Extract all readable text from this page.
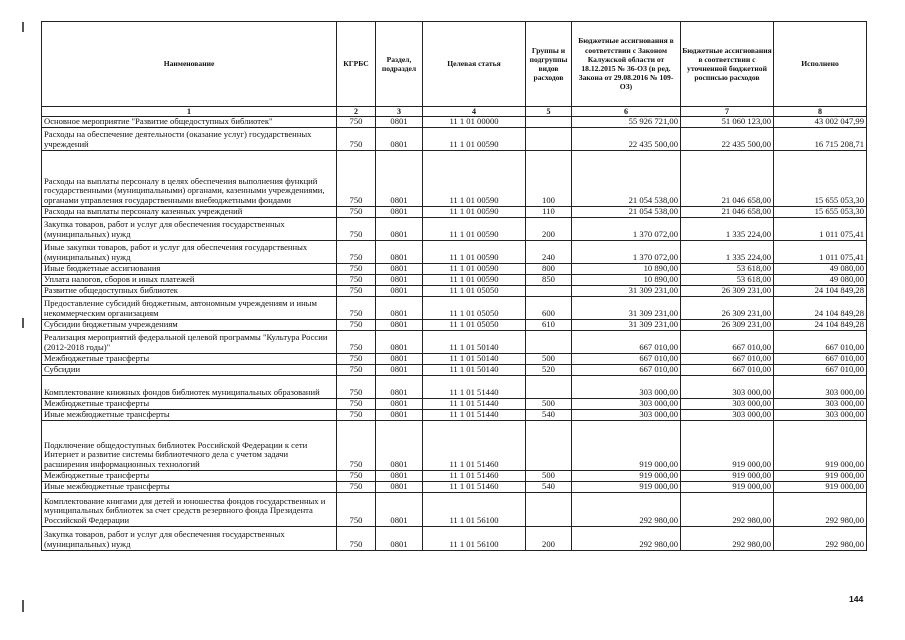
Наименование	КГРБС	Раздел, подраздел	Целевая статья	Группы и подгруппы видов расходов	Бюджетные ассигнования в соответствии с Законом Калужской области от 18.12.2015 № 36-ОЗ (в ред. Закона от 29.08.2016 № 109-ОЗ)	Бюджетные ассигнования в соответствии с уточненной бюджетной росписью расходов	Исполнено
1	2	3	4	5	6	7	8
Основное мероприятие "Развитие общедоступных библиотек"	750	0801	11 1 01 00000		55 926 721,00	51 060 123,00	43 002 047,99
Расходы на обеспечение деятельности (оказание услуг) государственных учреждений	750	0801	11 1 01 00590		22 435 500,00	22 435 500,00	16 715 208,71
Расходы на выплаты персоналу в целях обеспечения выполнения функций государственными (муниципальными) органами, казенными учреждениями, органами управления государственными внебюджетными фондами	750	0801	11 1 01 00590	100	21 054 538,00	21 046 658,00	15 655 053,30
Расходы на выплаты персоналу казенных учреждений	750	0801	11 1 01 00590	110	21 054 538,00	21 046 658,00	15 655 053,30
Закупка товаров, работ и услуг для обеспечения государственных (муниципальных) нужд	750	0801	11 1 01 00590	200	1 370 072,00	1 335 224,00	1 011 075,41
Иные закупки товаров, работ и услуг для обеспечения государственных (муниципальных) нужд	750	0801	11 1 01 00590	240	1 370 072,00	1 335 224,00	1 011 075,41
Иные бюджетные ассигнования	750	0801	11 1 01 00590	800	10 890,00	53 618,00	49 080,00
Уплата налогов, сборов и иных платежей	750	0801	11 1 01 00590	850	10 890,00	53 618,00	49 080,00
Развитие общедоступных библиотек	750	0801	11 1 01 05050		31 309 231,00	26 309 231,00	24 104 849,28
Предоставление субсидий бюджетным, автономным учреждениям и иным некоммерческим организациям	750	0801	11 1 01 05050	600	31 309 231,00	26 309 231,00	24 104 849,28
Субсидии бюджетным учреждениям	750	0801	11 1 01 05050	610	31 309 231,00	26 309 231,00	24 104 849,28
Реализация мероприятий федеральной целевой программы "Культура России (2012-2018 годы)"	750	0801	11 1 01 50140		667 010,00	667 010,00	667 010,00
Межбюджетные трансферты	750	0801	11 1 01 50140	500	667 010,00	667 010,00	667 010,00
Субсидии	750	0801	11 1 01 50140	520	667 010,00	667 010,00	667 010,00
Комплектование книжных фондов библиотек муниципальных образований	750	0801	11 1 01 51440		303 000,00	303 000,00	303 000,00
Межбюджетные трансферты	750	0801	11 1 01 51440	500	303 000,00	303 000,00	303 000,00
Иные межбюджетные трансферты	750	0801	11 1 01 51440	540	303 000,00	303 000,00	303 000,00
Подключение общедоступных библиотек Российской Федерации к сети Интернет и развитие системы библиотечного дела с учетом задачи расширения информационных технологий	750	0801	11 1 01 51460		919 000,00	919 000,00	919 000,00
Межбюджетные трансферты	750	0801	11 1 01 51460	500	919 000,00	919 000,00	919 000,00
Иные межбюджетные трансферты	750	0801	11 1 01 51460	540	919 000,00	919 000,00	919 000,00
Комплектование книгами для детей и юношества фондов государственных и муниципальных библиотек за счет средств резервного фонда Президента Российской Федерации	750	0801	11 1 01 56100		292 980,00	292 980,00	292 980,00
Закупка товаров, работ и услуг для обеспечения государственных (муниципальных) нужд	750	0801	11 1 01 56100	200	292 980,00	292 980,00	292 980,00
144
